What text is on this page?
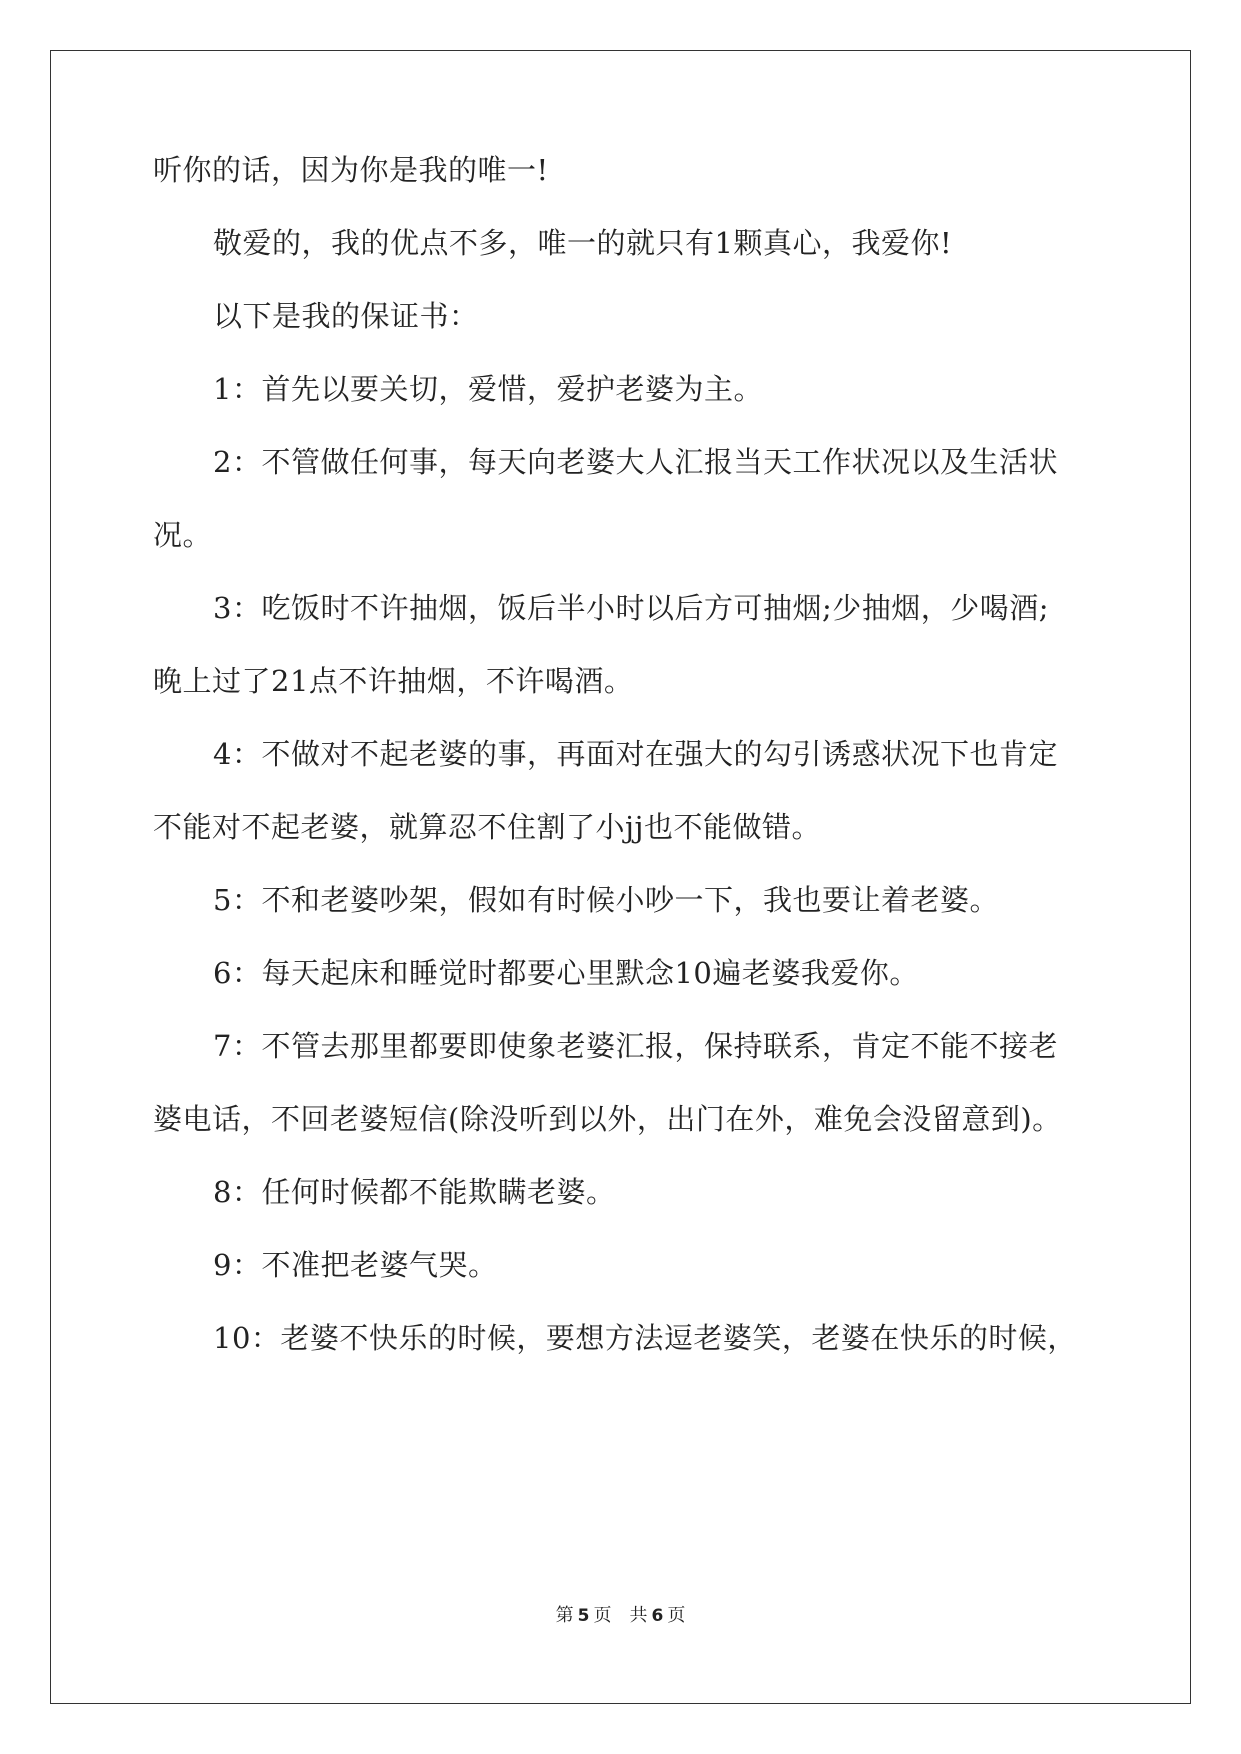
听你的话，因为你是我的唯一!
敬爱的，我的优点不多，唯一的就只有1颗真心，我爱你!
以下是我的保证书：
1：首先以要关切，爱惜，爱护老婆为主。
2：不管做任何事，每天向老婆大人汇报当天工作状况以及生活状
况。
3：吃饭时不许抽烟，饭后半小时以后方可抽烟;少抽烟，少喝酒;
晚上过了21点不许抽烟，不许喝酒。
4：不做对不起老婆的事，再面对在强大的勾引诱惑状况下也肯定
不能对不起老婆，就算忍不住割了小jj也不能做错。
5：不和老婆吵架，假如有时候小吵一下，我也要让着老婆。
6：每天起床和睡觉时都要心里默念10遍老婆我爱你。
7：不管去那里都要即使象老婆汇报，保持联系，肯定不能不接老
婆电话，不回老婆短信(除没听到以外，出门在外，难免会没留意到)。
8：任何时候都不能欺瞒老婆。
9：不准把老婆气哭。
10：老婆不快乐的时候，要想方法逗老婆笑，老婆在快乐的时候，
第 5 页 共 6 页
